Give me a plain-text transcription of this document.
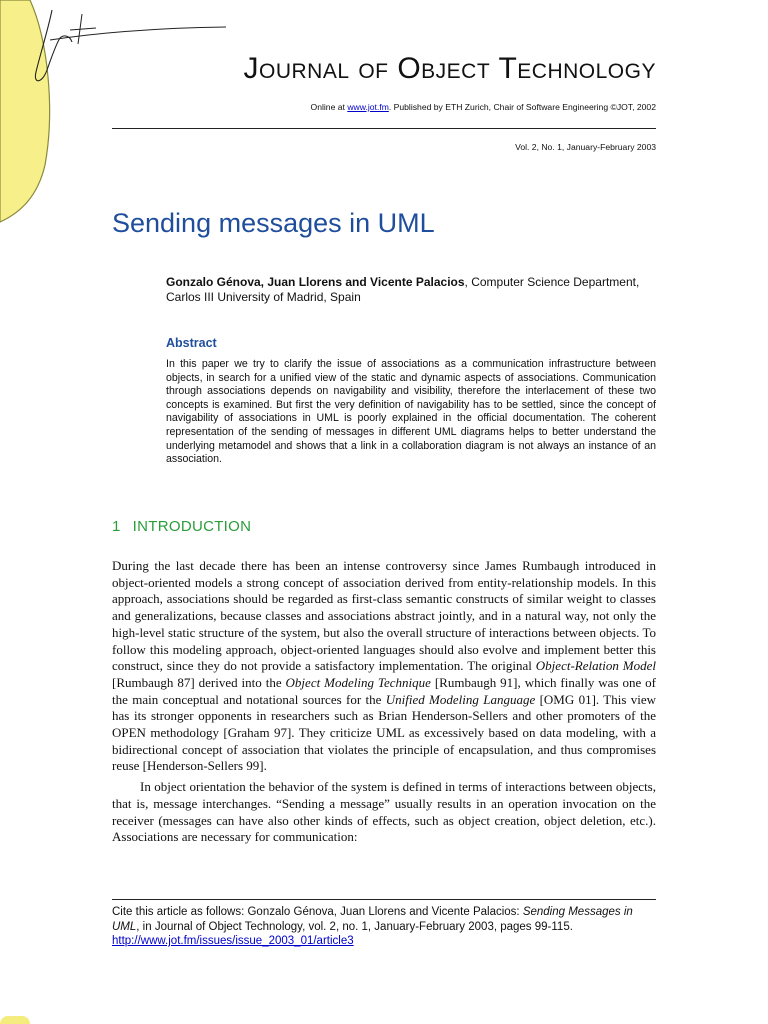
Journal of Object Technology
Online at www.jot.fm. Published by ETH Zurich, Chair of Software Engineering ©JOT, 2002
Vol. 2, No. 1, January-February 2003
Sending messages in UML
Gonzalo Génova, Juan Llorens and Vicente Palacios, Computer Science Department, Carlos III University of Madrid, Spain
Abstract
In this paper we try to clarify the issue of associations as a communication infrastructure between objects, in search for a unified view of the static and dynamic aspects of associations. Communication through associations depends on navigability and visibility, therefore the interlacement of these two concepts is examined. But first the very definition of navigability has to be settled, since the concept of navigability of associations in UML is poorly explained in the official documentation. The coherent representation of the sending of messages in different UML diagrams helps to better understand the underlying metamodel and shows that a link in a collaboration diagram is not always an instance of an association.
1 INTRODUCTION

During the last decade there has been an intense controversy since James Rumbaugh introduced in object-oriented models a strong concept of association derived from entity-relationship models. In this approach, associations should be regarded as first-class semantic constructs of similar weight to classes and generalizations, because classes and associations abstract jointly, and in a natural way, not only the high-level static structure of the system, but also the overall structure of interactions between objects. To follow this modeling approach, object-oriented languages should also evolve and implement better this construct, since they do not provide a satisfactory implementation. The original Object-Relation Model [Rumbaugh 87] derived into the Object Modeling Technique [Rumbaugh 91], which finally was one of the main conceptual and notational sources for the Unified Modeling Language [OMG 01]. This view has its stronger opponents in researchers such as Brian Henderson-Sellers and other promoters of the OPEN methodology [Graham 97]. They criticize UML as excessively based on data modeling, with a bidirectional concept of association that violates the principle of encapsulation, and thus compromises reuse [Henderson-Sellers 99].

In object orientation the behavior of the system is defined in terms of interactions between objects, that is, message interchanges. “Sending a message” usually results in an operation invocation on the receiver (messages can have also other kinds of effects, such as object creation, object deletion, etc.). Associations are necessary for communication:

Cite this article as follows: Gonzalo Génova, Juan Llorens and Vicente Palacios: Sending Messages in UML, in Journal of Object Technology, vol. 2, no. 1, January-February 2003, pages 99-115. http://www.jot.fm/issues/issue_2003_01/article3
